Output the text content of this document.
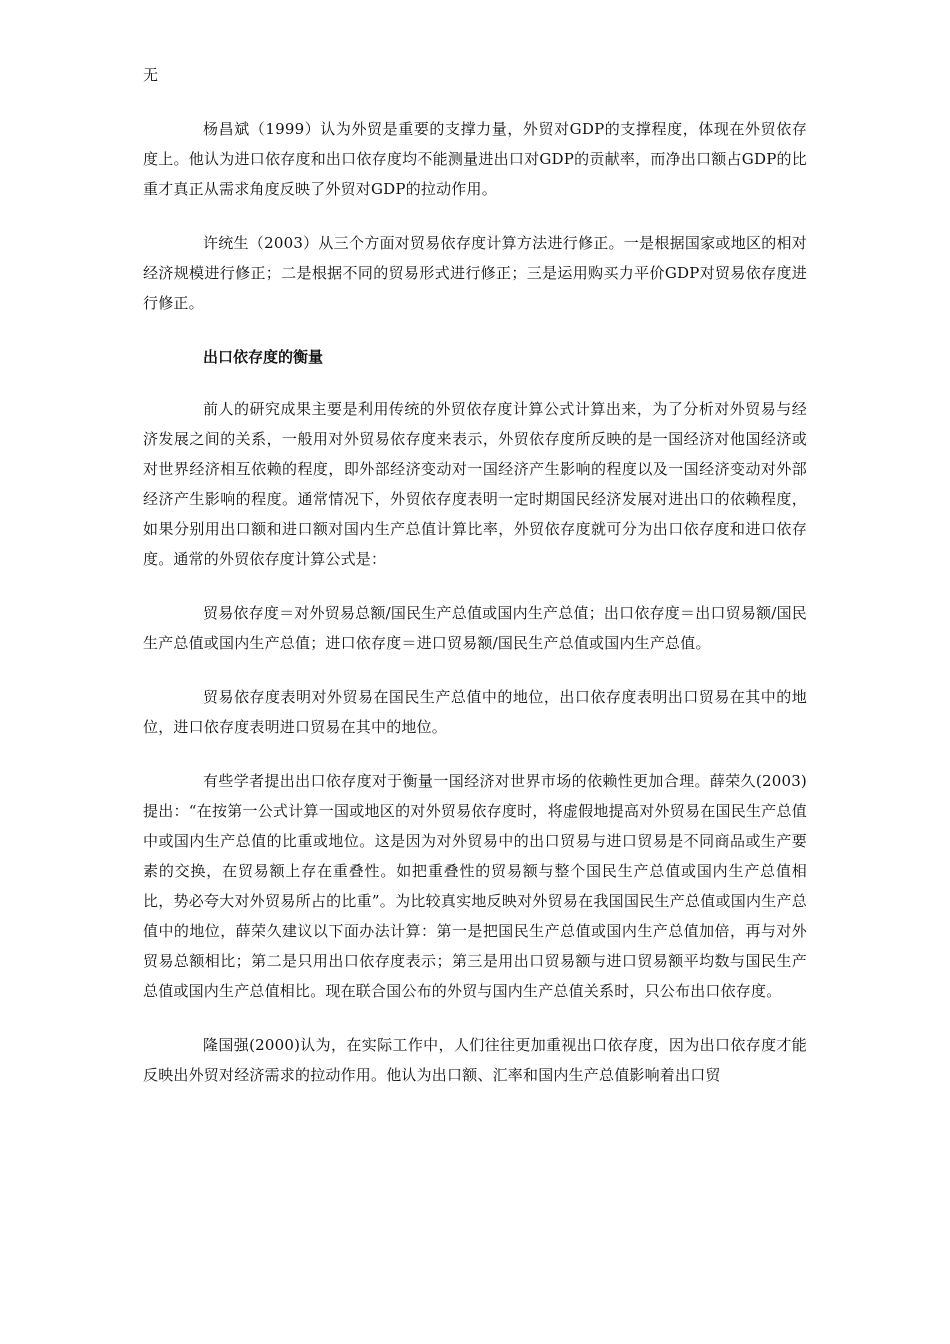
无

杨昌斌（1999）认为外贸是重要的支撑力量，外贸对GDP的支撑程度，体现在外贸依存度上。他认为进口依存度和出口依存度均不能测量进出口对GDP的贡献率，而净出口额占GDP的比重才真正从需求角度反映了外贸对GDP的拉动作用。

许统生（2003）从三个方面对贸易依存度计算方法进行修正。一是根据国家或地区的相对经济规模进行修正；二是根据不同的贸易形式进行修正；三是运用购买力平价GDP对贸易依存度进行修正。

出口依存度的衡量

前人的研究成果主要是利用传统的外贸依存度计算公式计算出来，为了分析对外贸易与经济发展之间的关系，一般用对外贸易依存度来表示，外贸依存度所反映的是一国经济对他国经济或对世界经济相互依赖的程度，即外部经济变动对一国经济产生影响的程度以及一国经济变动对外部经济产生影响的程度。通常情况下，外贸依存度表明一定时期国民经济发展对进出口的依赖程度，如果分别用出口额和进口额对国内生产总值计算比率，外贸依存度就可分为出口依存度和进口依存度。通常的外贸依存度计算公式是：

贸易依存度＝对外贸易总额/国民生产总值或国内生产总值；出口依存度＝出口贸易额/国民生产总值或国内生产总值；进口依存度＝进口贸易额/国民生产总值或国内生产总值。

贸易依存度表明对外贸易在国民生产总值中的地位，出口依存度表明出口贸易在其中的地位，进口依存度表明进口贸易在其中的地位。

有些学者提出出口依存度对于衡量一国经济对世界市场的依赖性更加合理。薛荣久(2003)提出：“在按第一公式计算一国或地区的对外贸易依存度时，将虚假地提高对外贸易在国民生产总值中或国内生产总值的比重或地位。这是因为对外贸易中的出口贸易与进口贸易是不同商品或生产要素的交换，在贸易额上存在重叠性。如把重叠性的贸易额与整个国民生产总值或国内生产总值相比，势必夸大对外贸易所占的比重”。为比较真实地反映对外贸易在我国国民生产总值或国内生产总值中的地位，薛荣久建议以下面办法计算：第一是把国民生产总值或国内生产总值加倍，再与对外贸易总额相比；第二是只用出口依存度表示；第三是用出口贸易额与进口贸易额平均数与国民生产总值或国内生产总值相比。现在联合国公布的外贸与国内生产总值关系时，只公布出口依存度。

隆国强(2000)认为，在实际工作中，人们往往更加重视出口依存度，因为出口依存度才能反映出外贸对经济需求的拉动作用。他认为出口额、汇率和国内生产总值影响着出口贸
